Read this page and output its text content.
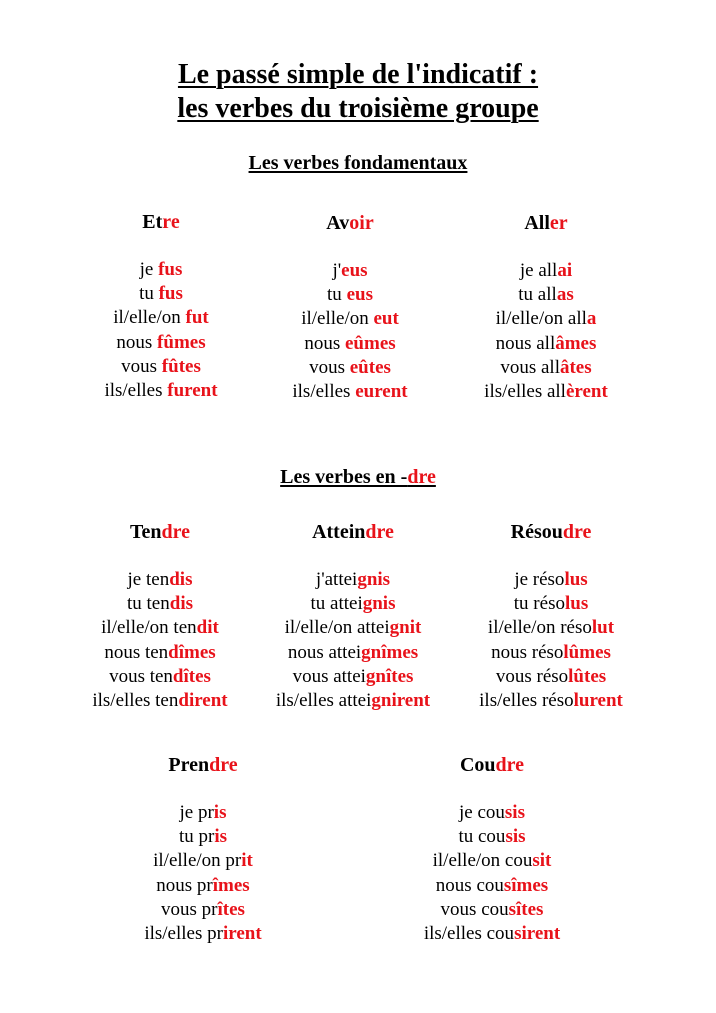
Le passé simple de l'indicatif :
les verbes du troisième groupe
Les verbes fondamentaux
Etre
je fus
tu fus
il/elle/on fut
nous fûmes
vous fûtes
ils/elles furent
Avoir
j'eus
tu eus
il/elle/on eut
nous eûmes
vous eûtes
ils/elles eurent
Aller
je allai
tu allas
il/elle/on alla
nous allâmes
vous allâtes
ils/elles allèrent
Les verbes en -dre
Tendre
je tendis
tu tendis
il/elle/on tendit
nous tendîmes
vous tendîtes
ils/elles tendirent
Atteindre
j'atteignis
tu atteignis
il/elle/on atteignit
nous atteignîmes
vous atteignîtes
ils/elles atteignirent
Résoudre
je résolus
tu résolus
il/elle/on résolut
nous résolûmes
vous résolûtes
ils/elles résolurent
Prendre
je pris
tu pris
il/elle/on prit
nous prîmes
vous prîtes
ils/elles prirent
Coudre
je cousis
tu cousis
il/elle/on cousit
nous cousîmes
vous cousîtes
ils/elles cousirent
